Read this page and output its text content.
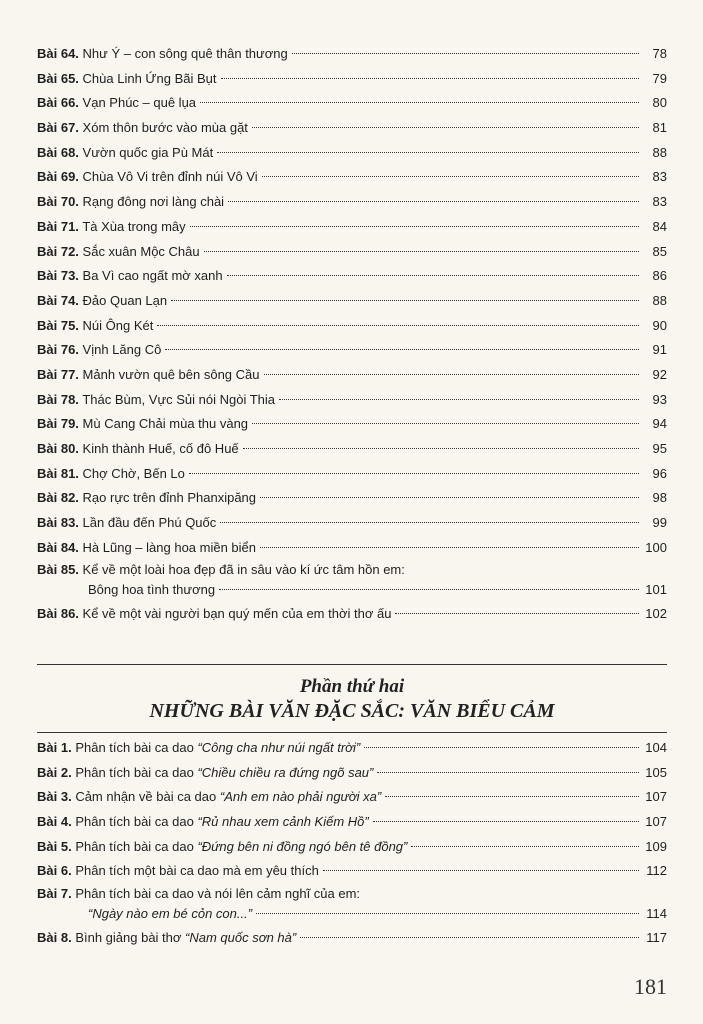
Bài 64. Như Ý – con sông quê thân thương	78
Bài 65. Chùa Linh Ứng Bãi Bụt	79
Bài 66. Vạn Phúc – quê lụa	80
Bài 67. Xóm thôn bước vào mùa gặt	81
Bài 68. Vườn quốc gia Pù Mát	88
Bài 69. Chùa Vô Vi trên đỉnh núi Vô Vi	83
Bài 70. Rạng đông nơi làng chài	83
Bài 71. Tà Xùa trong mây	84
Bài 72. Sắc xuân Mộc Châu	85
Bài 73. Ba Vì cao ngất mờ xanh	86
Bài 74. Đảo Quan Lạn	88
Bài 75. Núi Ông Két	90
Bài 76. Vịnh Lăng Cô	91
Bài 77. Mảnh vườn quê bên sông Cầu	92
Bài 78. Thác Bùm, Vực Sủi nói Ngòi Thia	93
Bài 79. Mù Cang Chải mùa thu vàng	94
Bài 80. Kinh thành Huế, cố đô Huế	95
Bài 81. Chợ Chờ, Bến Lo	96
Bài 82. Rạo rực trên đỉnh Phanxipăng	98
Bài 83. Lần đầu đến Phú Quốc	99
Bài 84. Hà Lũng – làng hoa miền biển	100
Bài 85. Kể về một loài hoa đẹp đã in sâu vào kí ức tâm hồn em:
Bông hoa tình thương	101
Bài 86. Kể về một vài người bạn quý mến của em thời thơ ấu	102
Phần thứ hai
NHỮNG BÀI VĂN ĐẶC SẮC: VĂN BIỂU CẢM
Bài 1. Phân tích bài ca dao “Công cha như núi ngất trời”	104
Bài 2. Phân tích bài ca dao “Chiều chiều ra đứng ngõ sau”	105
Bài 3. Cảm nhận về bài ca dao “Anh em nào phải người xa”	107
Bài 4. Phân tích bài ca dao “Rủ nhau xem cảnh Kiếm Hồ”	107
Bài 5. Phân tích bài ca dao “Đứng bên ni đồng ngó bên tê đồng”	109
Bài 6. Phân tích một bài ca dao mà em yêu thích	112
Bài 7. Phân tích bài ca dao và nói lên cảm nghĩ của em:
“Ngày nào em bé cỏn con...”	114
Bài 8. Bình giảng bài thơ “Nam quốc sơn hà”	117
181
